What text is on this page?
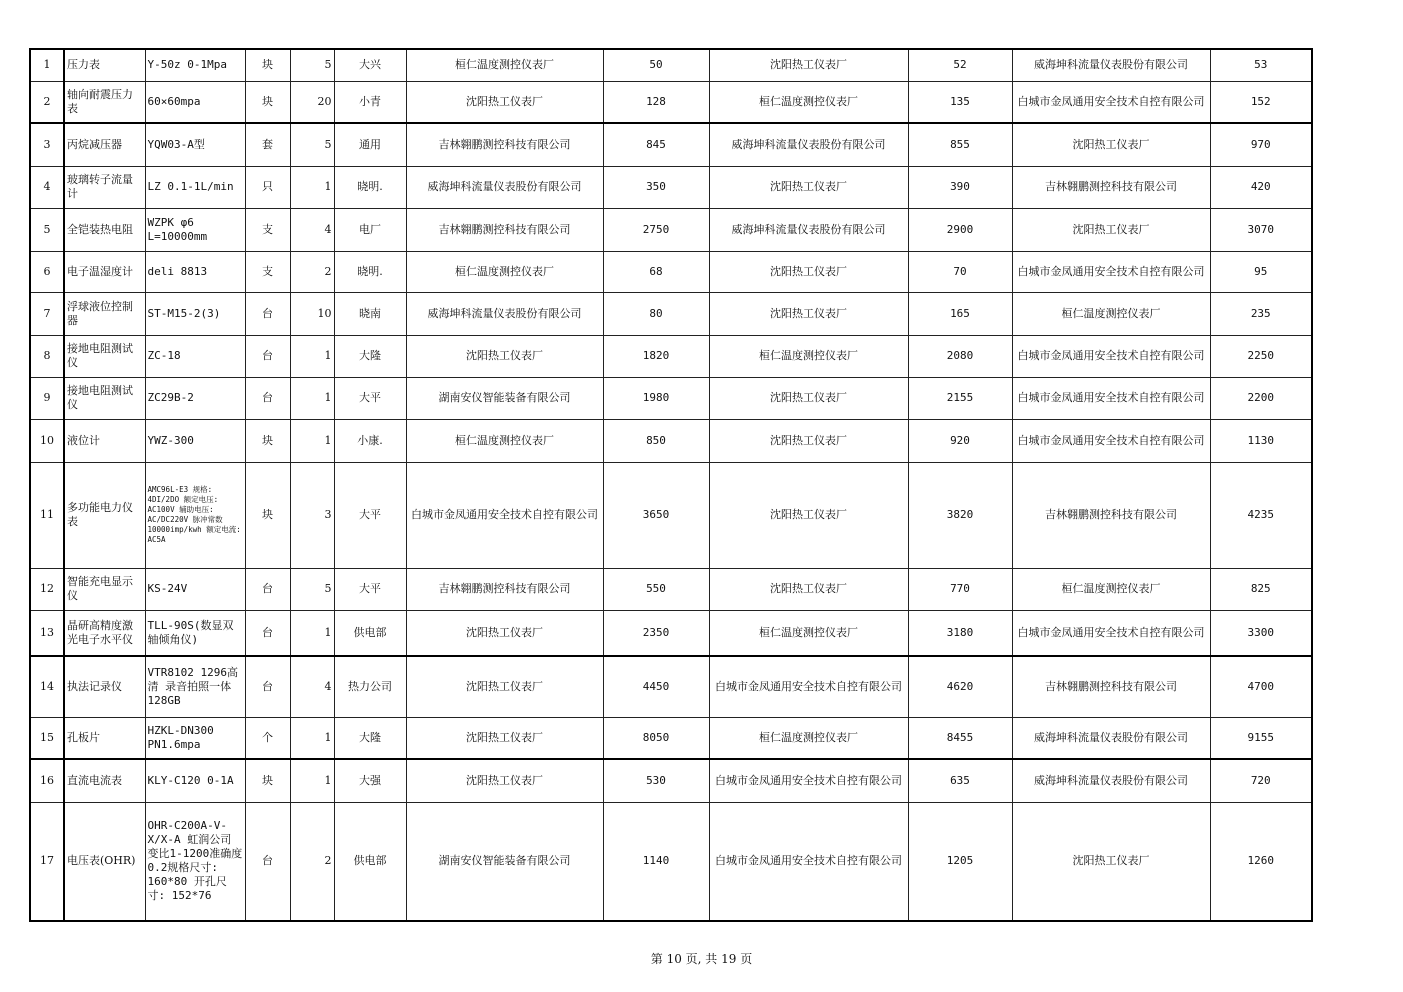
1	压力表	Y-50z 0-1Mpa	块	5	大兴	桓仁温度测控仪表厂	50	沈阳热工仪表厂	52	威海坤科流量仪表股份有限公司	53
2	轴向耐震压力表	60×60mpa	块	20	小青	沈阳热工仪表厂	128	桓仁温度测控仪表厂	135	白城市金凤通用安全技术自控有限公司	152
3	丙烷减压器	YQW03-A型	套	5	通用	吉林翱鹏测控科技有限公司	845	威海坤科流量仪表股份有限公司	855	沈阳热工仪表厂	970
4	玻璃转子流量计	LZ 0.1-1L/min	只	1	晓明.	威海坤科流量仪表股份有限公司	350	沈阳热工仪表厂	390	吉林翱鹏测控科技有限公司	420
5	全铠装热电阻	WZPK φ6 L=10000mm	支	4	电厂	吉林翱鹏测控科技有限公司	2750	威海坤科流量仪表股份有限公司	2900	沈阳热工仪表厂	3070
6	电子温湿度计	deli 8813	支	2	晓明.	桓仁温度测控仪表厂	68	沈阳热工仪表厂	70	白城市金凤通用安全技术自控有限公司	95
7	浮球液位控制器	ST-M15-2(3)	台	10	晓南	威海坤科流量仪表股份有限公司	80	沈阳热工仪表厂	165	桓仁温度测控仪表厂	235
8	接地电阻测试仪	ZC-18	台	1	大隆	沈阳热工仪表厂	1820	桓仁温度测控仪表厂	2080	白城市金凤通用安全技术自控有限公司	2250
9	接地电阻测试仪	ZC29B-2	台	1	大平	湖南安仪智能装备有限公司	1980	沈阳热工仪表厂	2155	白城市金凤通用安全技术自控有限公司	2200
10	液位计	YWZ-300	块	1	小康.	桓仁温度测控仪表厂	850	沈阳热工仪表厂	920	白城市金凤通用安全技术自控有限公司	1130
11	多功能电力仪表	AMC96L-E3 规格: 4DI/2DO 额定电压: AC100V 辅助电压: AC/DC220V 脉冲常数 10000imp/kwh 额定电流: AC5A	块	3	大平	白城市金凤通用安全技术自控有限公司	3650	沈阳热工仪表厂	3820	吉林翱鹏测控科技有限公司	4235
12	智能充电显示仪	KS-24V	台	5	大平	吉林翱鹏测控科技有限公司	550	沈阳热工仪表厂	770	桓仁温度测控仪表厂	825
13	晶研高精度激光电子水平仪	TLL-90S(数显双轴倾角仪)	台	1	供电部	沈阳热工仪表厂	2350	桓仁温度测控仪表厂	3180	白城市金凤通用安全技术自控有限公司	3300
14	执法记录仪	VTR8102 1296高清 录音拍照一体 128GB	台	4	热力公司	沈阳热工仪表厂	4450	白城市金凤通用安全技术自控有限公司	4620	吉林翱鹏测控科技有限公司	4700
15	孔板片	HZKL-DN300 PN1.6mpa	个	1	大隆	沈阳热工仪表厂	8050	桓仁温度测控仪表厂	8455	威海坤科流量仪表股份有限公司	9155
16	直流电流表	KLY-C120 0-1A	块	1	大强	沈阳热工仪表厂	530	白城市金凤通用安全技术自控有限公司	635	威海坤科流量仪表股份有限公司	720
17	电压表(OHR)	OHR-C200A-V-X/X-A 虹润公司 变比1-1200准确度0.2规格尺寸: 160*80 开孔尺寸: 152*76	台	2	供电部	湖南安仪智能装备有限公司	1140	白城市金凤通用安全技术自控有限公司	1205	沈阳热工仪表厂	1260
第 10 页, 共 19 页
